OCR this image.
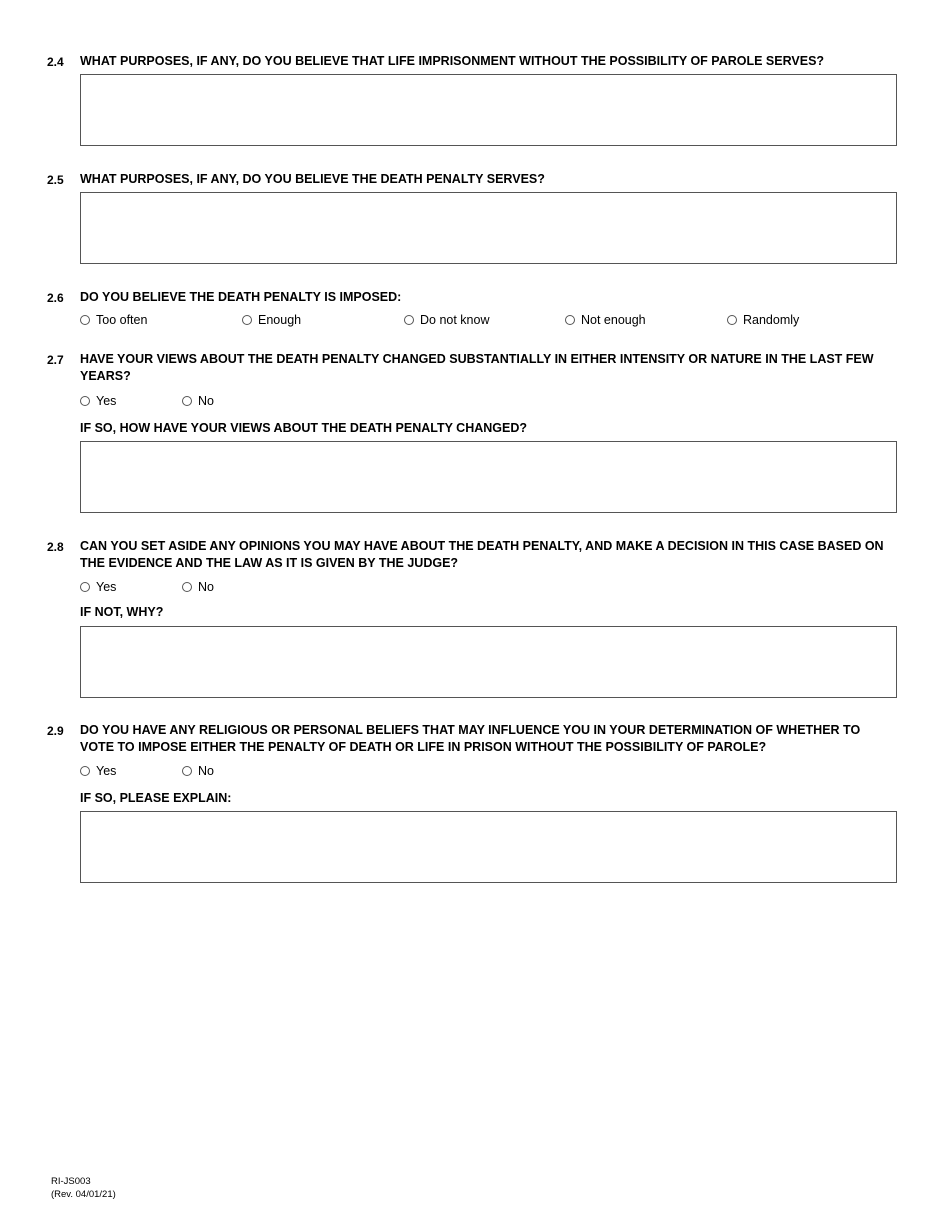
2.4 WHAT PURPOSES, IF ANY, DO YOU BELIEVE THAT LIFE IMPRISONMENT WITHOUT THE POSSIBILITY OF PAROLE SERVES?
2.5 WHAT PURPOSES, IF ANY, DO YOU BELIEVE THE DEATH PENALTY SERVES?
2.6 DO YOU BELIEVE THE DEATH PENALTY IS IMPOSED:
Too often	Enough	Do not know	Not enough	Randomly
2.7 HAVE YOUR VIEWS ABOUT THE DEATH PENALTY CHANGED SUBSTANTIALLY IN EITHER INTENSITY OR NATURE IN THE LAST FEW YEARS?
Yes	No
IF SO, HOW HAVE YOUR VIEWS ABOUT THE DEATH PENALTY CHANGED?
2.8 CAN YOU SET ASIDE ANY OPINIONS YOU MAY HAVE ABOUT THE DEATH PENALTY, AND MAKE A DECISION IN THIS CASE BASED ON THE EVIDENCE AND THE LAW AS IT IS GIVEN BY THE JUDGE?
Yes	No
IF NOT, WHY?
2.9 DO YOU HAVE ANY RELIGIOUS OR PERSONAL BELIEFS THAT MAY INFLUENCE YOU IN YOUR DETERMINATION OF WHETHER TO VOTE TO IMPOSE EITHER THE PENALTY OF DEATH OR LIFE IN PRISON WITHOUT THE POSSIBILITY OF PAROLE?
Yes	No
IF SO, PLEASE EXPLAIN:
RI-JS003
(Rev. 04/01/21)
